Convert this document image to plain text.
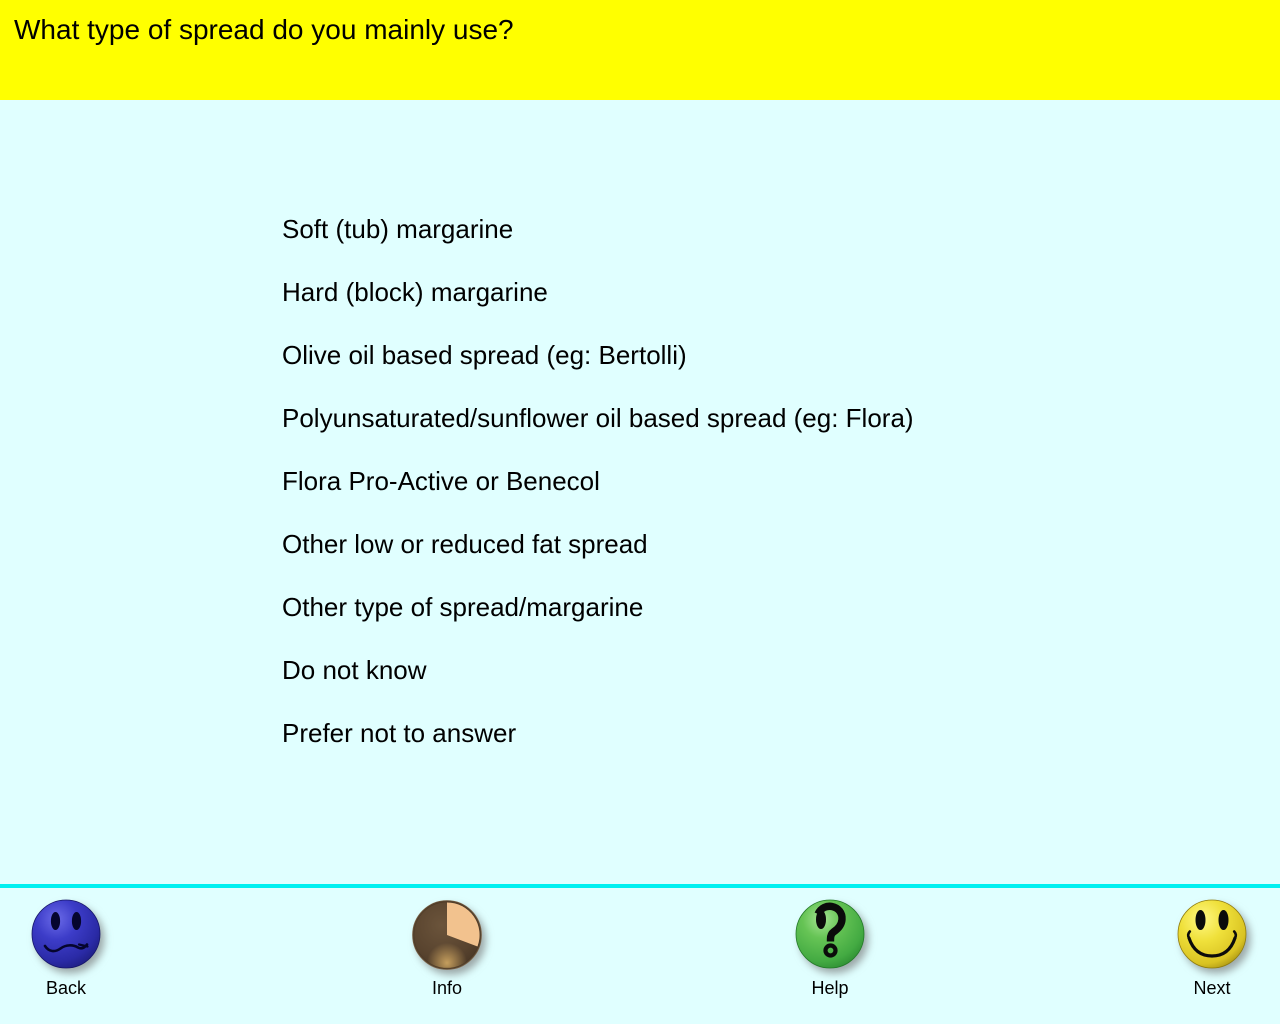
What type of spread do you mainly use?
Soft (tub) margarine
Hard (block) margarine
Olive oil based spread (eg: Bertolli)
Polyunsaturated/sunflower oil based spread (eg: Flora)
Flora Pro-Active or Benecol
Other low or reduced fat spread
Other type of spread/margarine
Do not know
Prefer not to answer
Back	Info	Help	Next
